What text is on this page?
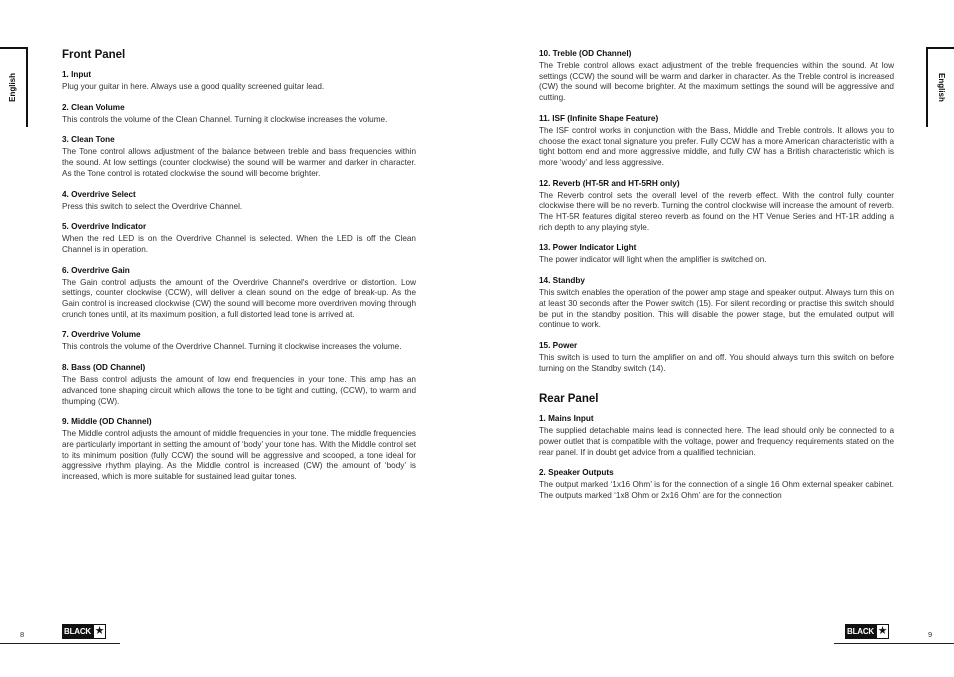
English	English
Front Panel
1. Input

Plug your guitar in here. Always use a good quality screened guitar lead.

2. Clean Volume

This controls the volume of the Clean Channel. Turning it clockwise increases the volume.

3. Clean Tone

The Tone control allows adjustment of the balance between treble and bass frequencies within the sound. At low settings (counter clockwise) the sound will be warmer and darker in character. As the Tone control is rotated clockwise the sound will become brighter.

4. Overdrive Select

Press this switch to select the Overdrive Channel.

5. Overdrive Indicator

When the red LED is on the Overdrive Channel is selected. When the LED is off the Clean Channel is in operation.

6. Overdrive Gain

The Gain control adjusts the amount of the Overdrive Channel's overdrive or distortion. Low settings, counter clockwise (CCW), will deliver a clean sound on the edge of break-up. As the Gain control is increased clockwise (CW) the sound will become more overdriven moving through crunch tones until, at its maximum position, a full distorted lead tone is arrived at.

7. Overdrive Volume

This controls the volume of the Overdrive Channel. Turning it clockwise increases the volume.

8. Bass (OD Channel)

The Bass control adjusts the amount of low end frequencies in your tone. This amp has an advanced tone shaping circuit which allows the tone to be tight and cutting, (CCW), to warm and thumping (CW).

9. Middle (OD Channel)

The Middle control adjusts the amount of middle frequencies in your tone. The middle frequencies are particularly important in setting the amount of ‘body’ your tone has. With the Middle control set to its minimum position (fully CCW) the sound will be aggressive and scooped, a tone ideal for aggressive rhythm playing. As the Middle control is increased (CW) the amount of ‘body’ is increased, which is more suitable for sustained lead guitar tones.

10. Treble (OD Channel)

The Treble control allows exact adjustment of the treble frequencies within the sound. At low settings (CCW) the sound will be warm and darker in character. As the Treble control is increased (CW) the sound will become brighter. At the maximum settings the sound will be aggressive and cutting.

11. ISF (Infinite Shape Feature)

The ISF control works in conjunction with the Bass, Middle and Treble controls. It allows you to choose the exact tonal signature you prefer. Fully CCW has a more American characteristic with a tight bottom end and more aggressive middle, and fully CW has a British characteristic which is more ‘woody’ and less aggressive.

12. Reverb (HT-5R and HT-5RH only)

The Reverb control sets the overall level of the reverb effect. With the control fully counter clockwise there will be no reverb. Turning the control clockwise will increase the amount of reverb. The HT-5R features digital stereo reverb as found on the HT Venue Series and HT-1R adding a rich depth to any playing style.

13. Power Indicator Light

The power indicator will light when the amplifier is switched on.

14. Standby

This switch enables the operation of the power amp stage and speaker output. Always turn this on at least 30 seconds after the Power switch (15). For silent recording or practise this switch should be put in the standby position. This will disable the power stage, but the emulated output will continue to work.

15. Power

This switch is used to turn the amplifier on and off. You should always turn this switch on before turning on the Standby switch (14).

Rear Panel
1. Mains Input

The supplied detachable mains lead is connected here. The lead should only be connected to a power outlet that is compatible with the voltage, power and frequency requirements stated on the rear panel. If in doubt get advice from a qualified technician.

2. Speaker Outputs

The output marked ‘1x16 Ohm’ is for the connection of a single 16 Ohm external speaker cabinet. The outputs marked ‘1x8 Ohm or 2x16 Ohm’ are for the connection

8	9
BLACK ★	BLACK ★
